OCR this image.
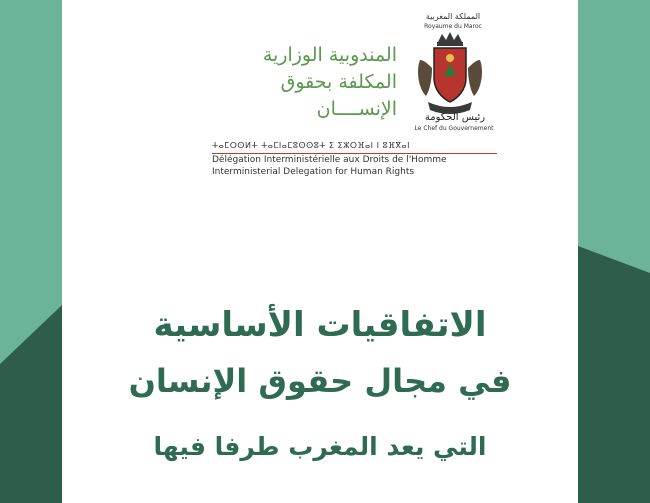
المندوبية الوزارية
المكلفة بحقوق
الإنســــان
المملكة المغربية
Royaume du Maroc
رئيس الحكومة
Le Chef du Gouvernement
ⵜⴰⵎⵔⵙⵍⵜ ⵜⴰⵎⵏⴰⵎⵓⵙⵙⵓⵜ ⵉ ⵉⵣⵔⴼⴰⵏ ⵏ ⵓⴼⴳⴰⵏ
Délégation Interministérielle aux Droits de l'Homme
Interministerial Delegation for Human Rights
الاتفاقيات الأساسية
في مجال حقوق الإنسان
التي يعد المغرب طرفا فيها
